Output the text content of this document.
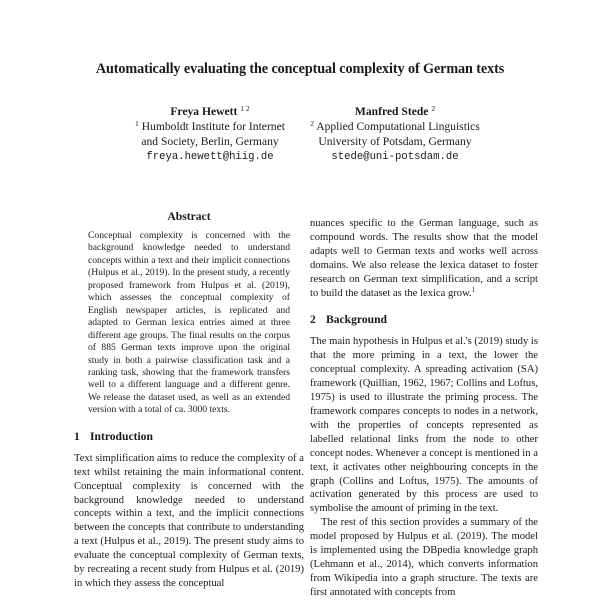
Automatically evaluating the conceptual complexity of German texts
Freya Hewett $^{1 2}$
$^1$ Humboldt Institute for Internet
and Society, Berlin, Germany
freya.hewett@hiig.de
Manfred Stede $^2$
$^2$ Applied Computational Linguistics
University of Potsdam, Germany
stede@uni-potsdam.de
Abstract

Conceptual complexity is concerned with the background knowledge needed to understand concepts within a text and their implicit connections (Hulpus et al., 2019). In the present study, a recently proposed framework from Hulpus et al. (2019), which assesses the conceptual complexity of English newspaper articles, is replicated and adapted to German lexica entries aimed at three different age groups. The final results on the corpus of 885 German texts improve upon the original study in both a pairwise classification task and a ranking task, showing that the framework transfers well to a different language and a different genre. We release the dataset used, as well as an extended version with a total of ca. 3000 texts.

1 Introduction

Text simplification aims to reduce the complexity of a text whilst retaining the main informational content. Conceptual complexity is concerned with the background knowledge needed to understand concepts within a text, and the implicit connections between the concepts that contribute to understanding a text (Hulpus et al., 2019). The present study aims to evaluate the conceptual complexity of German texts, by recreating a recent study from Hulpus et al. (2019) in which they assess the conceptual

nuances specific to the German language, such as compound words. The results show that the model adapts well to German texts and works well across domains. We also release the lexica dataset to foster research on German text simplification, and a script to build the dataset as the lexica grow.$^1$

2 Background

The main hypothesis in Hulpus et al.'s (2019) study is that the more priming in a text, the lower the conceptual complexity. A spreading activation (SA) framework (Quillian, 1962, 1967; Collins and Loftus, 1975) is used to illustrate the priming process. The framework compares concepts to nodes in a network, with the properties of concepts represented as labelled relational links from the node to other concept nodes. Whenever a concept is mentioned in a text, it activates other neighbouring concepts in the graph (Collins and Loftus, 1975). The amounts of activation generated by this process are used to symbolise the amount of priming in the text.

The rest of this section provides a summary of the model proposed by Hulpus et al. (2019). The model is implemented using the DBpedia knowledge graph (Lehmann et al., 2014), which converts information from Wikipedia into a graph structure. The texts are first annotated with concepts from
